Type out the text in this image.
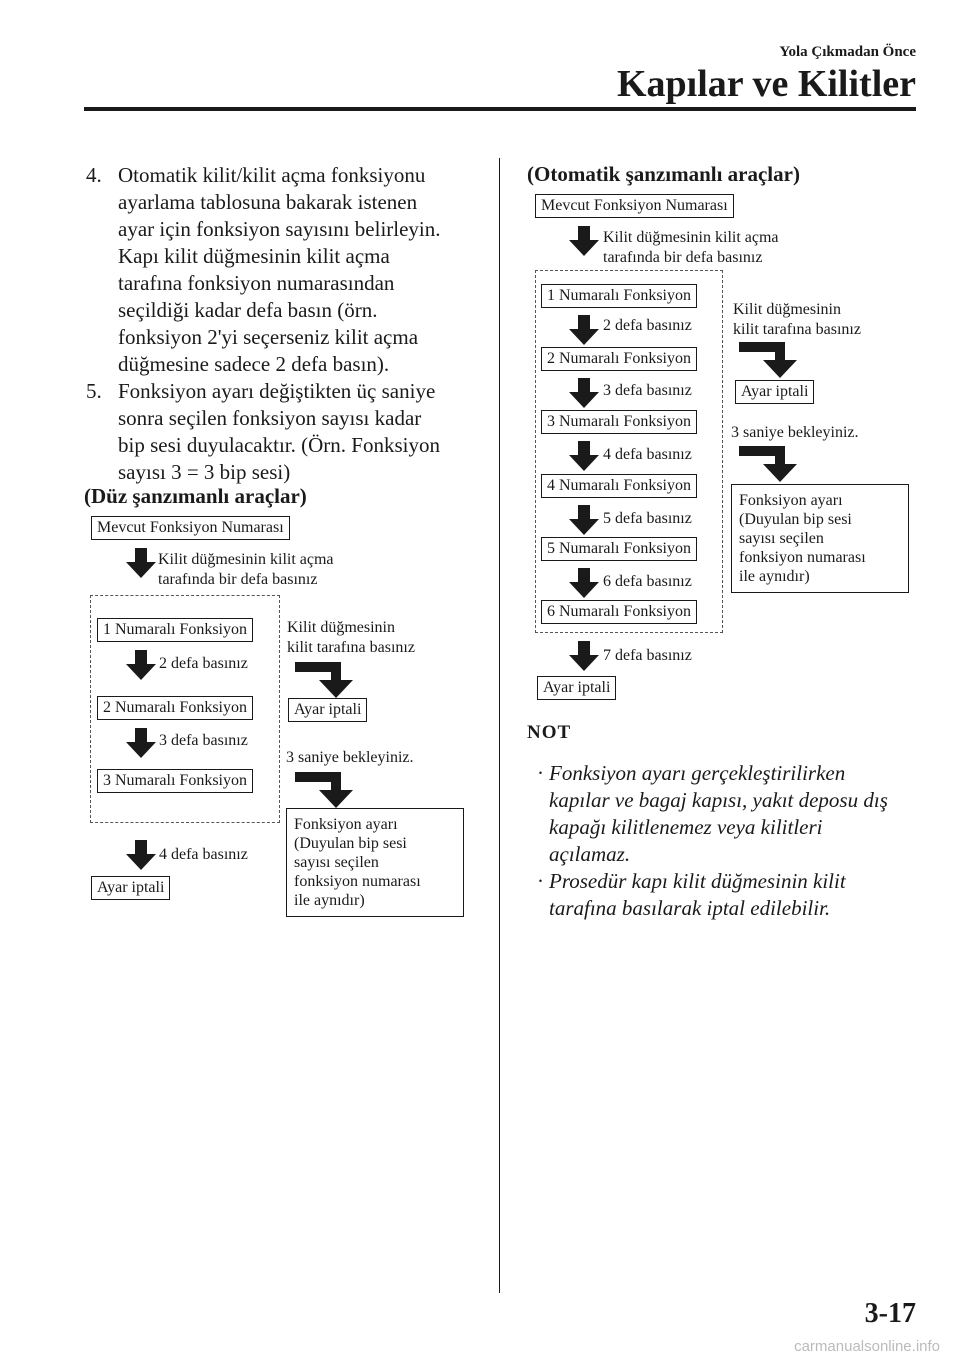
Yola Çıkmadan Önce
Kapılar ve Kilitler
4. Otomatik kilit/kilit açma fonksiyonu
ayarlama tablosuna bakarak istenen
ayar için fonksiyon sayısını belirleyin.
Kapı kilit düğmesinin kilit açma
tarafına fonksiyon numarasından
seçildiği kadar defa basın (örn.
fonksiyon 2'yi seçerseniz kilit açma
düğmesine sadece 2 defa basın).
5. Fonksiyon ayarı değiştikten üç saniye
sonra seçilen fonksiyon sayısı kadar
bip sesi duyulacaktır. (Örn. Fonksiyon
sayısı 3 = 3 bip sesi)
(Düz şanzımanlı araçlar)
Mevcut Fonksiyon Numarası
Kilit düğmesinin kilit açma
tarafında bir defa basınız
1 Numaralı Fonksiyon
2 defa basınız
2 Numaralı Fonksiyon
3 defa basınız
3 Numaralı Fonksiyon
4 defa basınız
Ayar iptali
Kilit düğmesinin
kilit tarafına basınız
Ayar iptali
3 saniye bekleyiniz.
Fonksiyon ayarı
(Duyulan bip sesi
sayısı seçilen
fonksiyon numarası
ile aynıdır)
(Otomatik şanzımanlı araçlar)
Mevcut Fonksiyon Numarası
Kilit düğmesinin kilit açma
tarafında bir defa basınız
1 Numaralı Fonksiyon
2 defa basınız
2 Numaralı Fonksiyon
3 defa basınız
3 Numaralı Fonksiyon
4 defa basınız
4 Numaralı Fonksiyon
5 defa basınız
5 Numaralı Fonksiyon
6 defa basınız
6 Numaralı Fonksiyon
7 defa basınız
Ayar iptali
Kilit düğmesinin
kilit tarafına basınız
Ayar iptali
3 saniye bekleyiniz.
Fonksiyon ayarı
(Duyulan bip sesi
sayısı seçilen
fonksiyon numarası
ile aynıdır)
NOT
· Fonksiyon ayarı gerçekleştirilirken
kapılar ve bagaj kapısı, yakıt deposu dış
kapağı kilitlenemez veya kilitleri
açılamaz.
· Prosedür kapı kilit düğmesinin kilit
tarafına basılarak iptal edilebilir.
3-17
carmanualsonline.info
